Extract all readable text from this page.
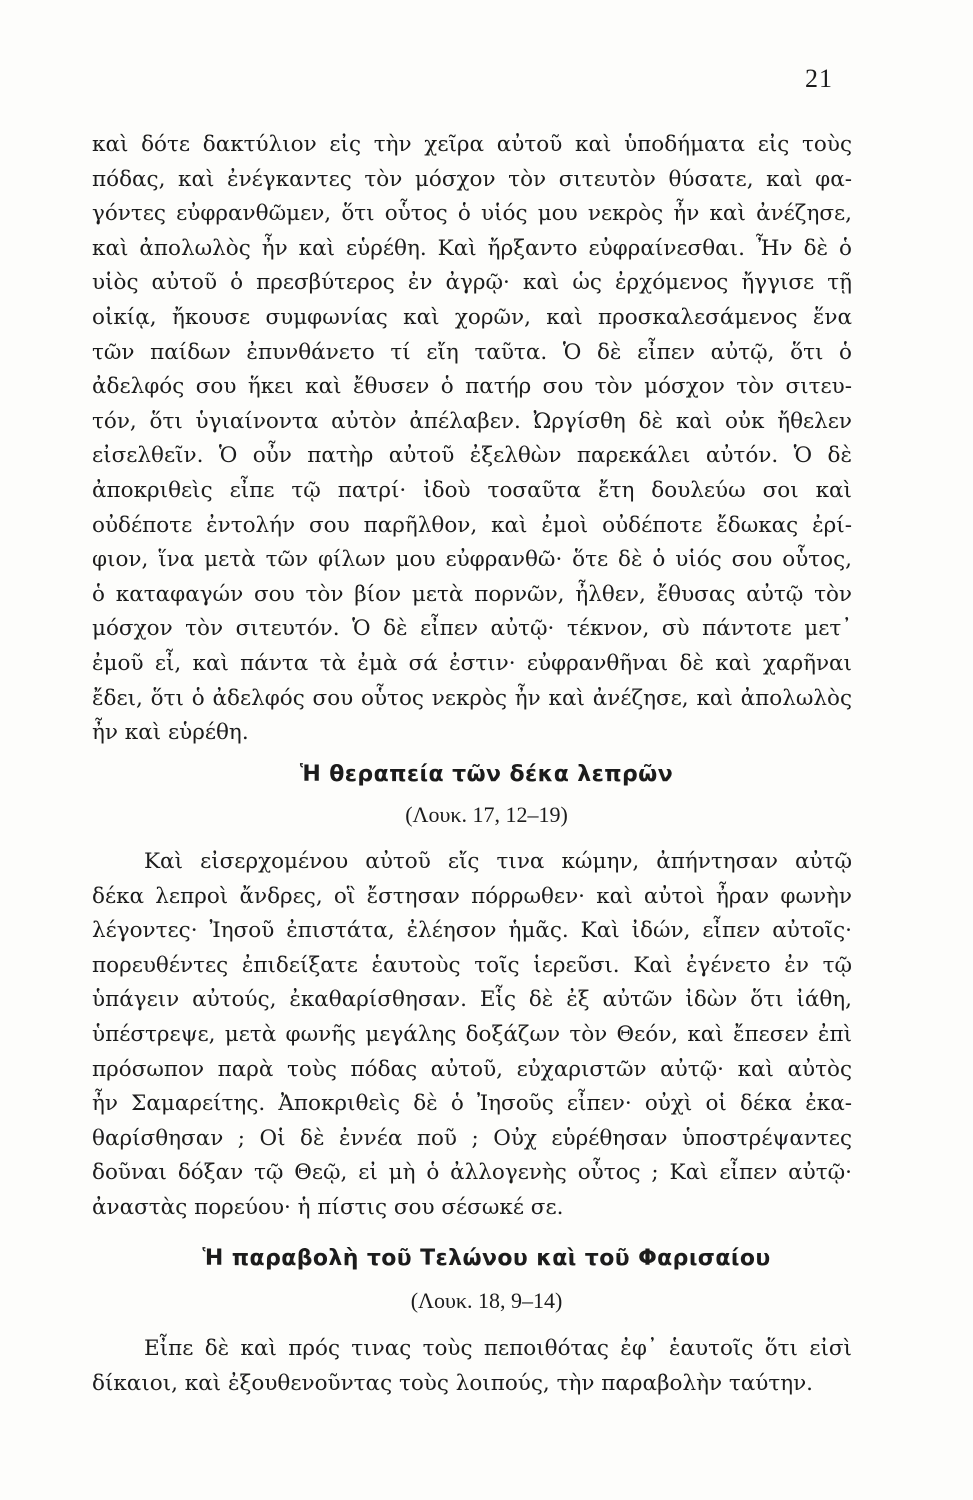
21

καὶ δότε δακτύλιον εἰς τὴν χεῖρα αὐτοῦ καὶ ὑποδήματα εἰς τοὺς
πόδας, καὶ ἐνέγκαντες τὸν μόσχον τὸν σιτευτὸν θύσατε, καὶ φα-
γόντες εὐφρανθῶμεν, ὅτι οὗτος ὁ υἱός μου νεκρὸς ἦν καὶ ἀνέζησε,
καὶ ἀπολωλὸς ἦν καὶ εὑρέθη. Καὶ ἤρξαντο εὐφραίνεσθαι. Ἦν δὲ ὁ
υἱὸς αὐτοῦ ὁ πρεσβύτερος ἐν ἀγρῷ· καὶ ὡς ἐρχόμενος ἤγγισε τῇ
οἰκίᾳ, ἤκουσε συμφωνίας καὶ χορῶν, καὶ προσκαλεσάμενος ἕνα
τῶν παίδων ἐπυνθάνετο τί εἴη ταῦτα. Ὁ δὲ εἶπεν αὐτῷ, ὅτι ὁ
ἀδελφός σου ἥκει καὶ ἔθυσεν ὁ πατήρ σου τὸν μόσχον τὸν σιτευ-
τόν, ὅτι ὑγιαίνοντα αὐτὸν ἀπέλαβεν. Ὠργίσθη δὲ καὶ οὐκ ἤθελεν
εἰσελθεῖν. Ὁ οὖν πατὴρ αὐτοῦ ἐξελθὼν παρεκάλει αὐτόν. Ὁ δὲ
ἀποκριθεὶς εἶπε τῷ πατρί· ἰδοὺ τοσαῦτα ἔτη δουλεύω σοι καὶ
οὐδέποτε ἐντολήν σου παρῆλθον, καὶ ἐμοὶ οὐδέποτε ἔδωκας ἐρί-
φιον, ἵνα μετὰ τῶν φίλων μου εὐφρανθῶ· ὅτε δὲ ὁ υἱός σου οὗτος,
ὁ καταφαγών σου τὸν βίον μετὰ πορνῶν, ἦλθεν, ἔθυσας αὐτῷ τὸν
μόσχον τὸν σιτευτόν. Ὁ δὲ εἶπεν αὐτῷ· τέκνον, σὺ πάντοτε μετ᾽
ἐμοῦ εἶ, καὶ πάντα τὰ ἐμὰ σά ἐστιν· εὐφρανθῆναι δὲ καὶ χαρῆναι
ἔδει, ὅτι ὁ ἀδελφός σου οὗτος νεκρὸς ἦν καὶ ἀνέζησε, καὶ ἀπολωλὸς
ἦν καὶ εὑρέθη.

Ἡ θεραπεία τῶν δέκα λεπρῶν
(Λουκ. 17, 12–19)

Καὶ εἰσερχομένου αὐτοῦ εἴς τινα κώμην, ἀπήντησαν αὐτῷ
δέκα λεπροὶ ἄνδρες, οἳ ἔστησαν πόρρωθεν· καὶ αὐτοὶ ἦραν φωνὴν
λέγοντες· Ἰησοῦ ἐπιστάτα, ἐλέησον ἡμᾶς. Καὶ ἰδών, εἶπεν αὐτοῖς·
πορευθέντες ἐπιδείξατε ἑαυτοὺς τοῖς ἱερεῦσι. Καὶ ἐγένετο ἐν τῷ
ὑπάγειν αὐτούς, ἐκαθαρίσθησαν. Εἷς δὲ ἐξ αὐτῶν ἰδὼν ὅτι ἰάθη,
ὑπέστρεψε, μετὰ φωνῆς μεγάλης δοξάζων τὸν Θεόν, καὶ ἔπεσεν ἐπὶ
πρόσωπον παρὰ τοὺς πόδας αὐτοῦ, εὐχαριστῶν αὐτῷ· καὶ αὐτὸς
ἦν Σαμαρείτης. Ἀποκριθεὶς δὲ ὁ Ἰησοῦς εἶπεν· οὐχὶ οἱ δέκα ἐκα-
θαρίσθησαν ; Οἱ δὲ ἐννέα ποῦ ; Οὐχ εὑρέθησαν ὑποστρέψαντες
δοῦναι δόξαν τῷ Θεῷ, εἰ μὴ ὁ ἀλλογενὴς οὗτος ; Καὶ εἶπεν αὐτῷ·
ἀναστὰς πορεύου· ἡ πίστις σου σέσωκέ σε.

Ἡ παραβολὴ τοῦ Τελώνου καὶ τοῦ Φαρισαίου
(Λουκ. 18, 9–14)

Εἶπε δὲ καὶ πρός τινας τοὺς πεποιθότας ἐφ᾽ ἑαυτοῖς ὅτι εἰσὶ
δίκαιοι, καὶ ἐξουθενοῦντας τοὺς λοιπούς, τὴν παραβολὴν ταύτην.
